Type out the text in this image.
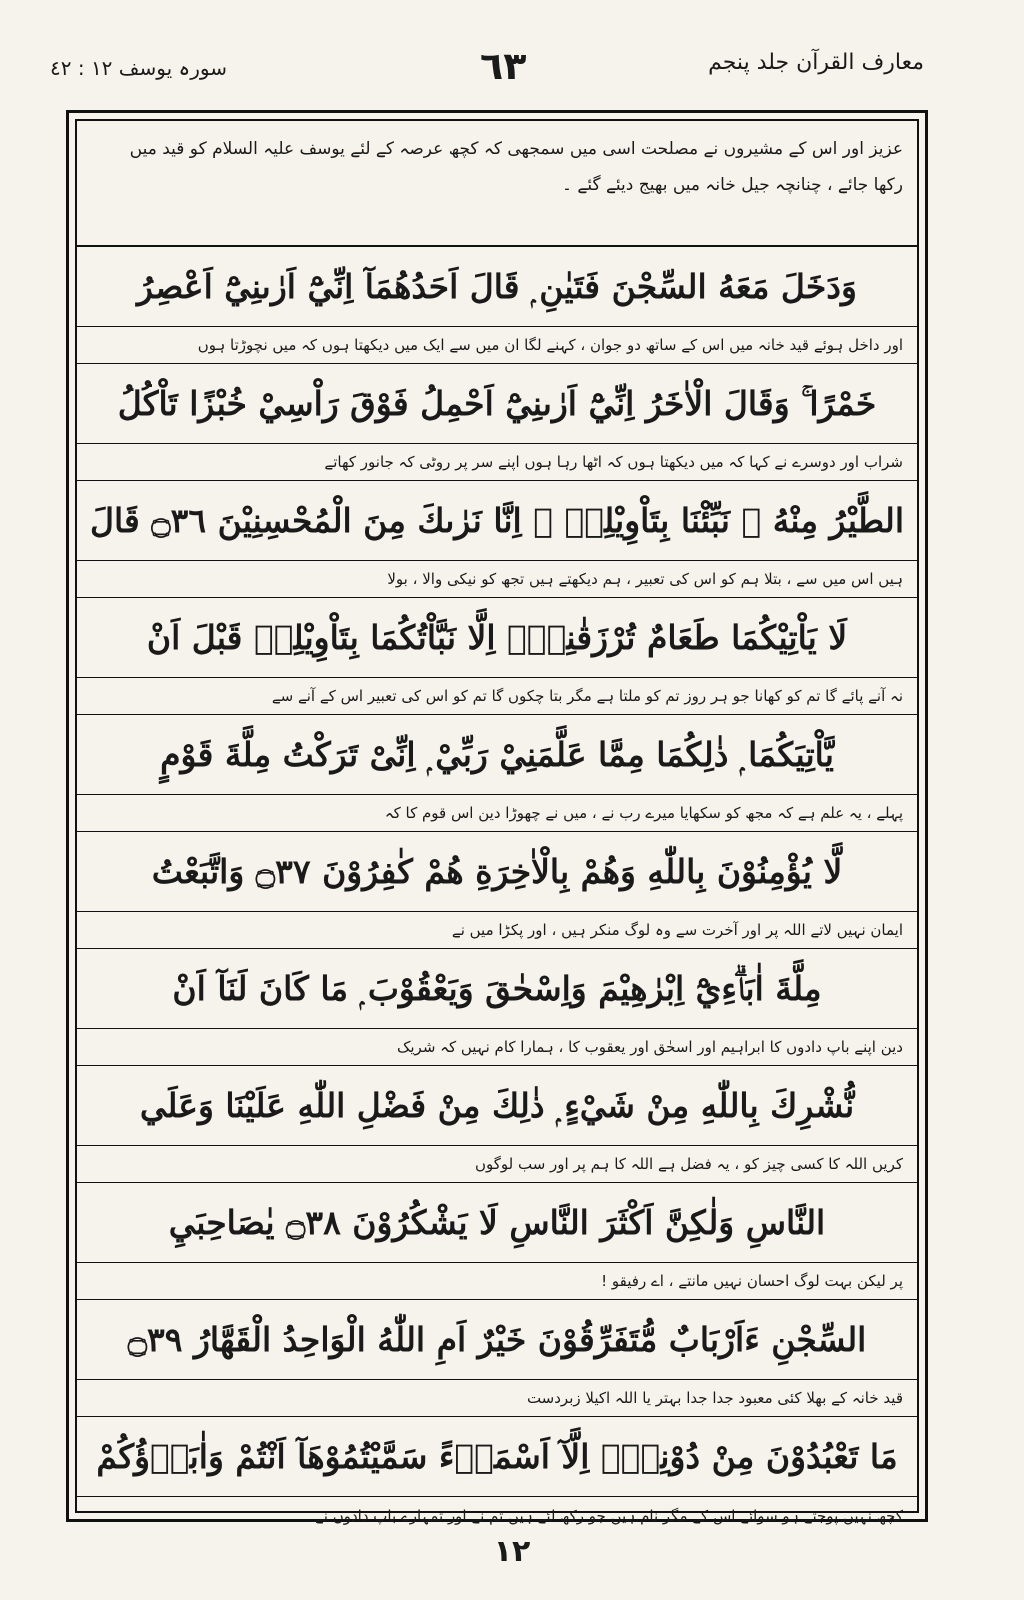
معارف القرآن جلد پنجم
٦٣
سورہ یوسف ١٢ : ٤٢
عزیز اور اس کے مشیروں نے مصلحت اسی میں سمجھی کہ کچھ عرصہ کے لئے یوسف علیہ السلام کو قید میں
رکھا جائے ، چنانچہ جیل خانہ میں بھیج دیئے گئے ۔
وَدَخَلَ مَعَهُ السِّجْنَ فَتَيٰنِ ۭ قَالَ اَحَدُهُمَآ اِنِّيْٓ اَرٰىنِيْٓ اَعْصِرُ
اور داخل ہوئے قید خانہ میں اس کے ساتھ دو جوان ، کہنے لگا ان میں سے ایک میں دیکھتا ہوں کہ میں نچوڑتا ہوں
خَمْرًا ۚ وَقَالَ الْاٰخَرُ اِنِّيْٓ اَرٰىنِيْٓ اَحْمِلُ فَوْقَ رَاْسِيْ خُبْزًا تَاْكُلُ
شراب اور دوسرے نے کہا کہ میں دیکھتا ہوں کہ اٹھا رہا ہوں اپنے سر پر روٹی کہ جانور کھاتے
الطَّيْرُ مِنْهُ ۭ نَبِّئْنَا بِتَاْوِيْلِهٖ ۚ اِنَّا نَرٰىكَ مِنَ الْمُحْسِنِيْنَ ۝٣٦ قَالَ
ہیں اس میں سے ، بتلا ہم کو اس کی تعبیر ، ہم دیکھتے ہیں تجھ کو نیکی والا ، بولا
لَا يَاْتِيْكُمَا طَعَامٌ تُرْزَقٰنِهٖٓ اِلَّا نَبَّاْتُكُمَا بِتَاْوِيْلِهٖ قَبْلَ اَنْ
نہ آنے پائے گا تم کو کھانا جو ہر روز تم کو ملتا ہے مگر بتا چکوں گا تم کو اس کی تعبیر اس کے آنے سے
يَّاْتِيَكُمَا ۭ ذٰلِكُمَا مِمَّا عَلَّمَنِيْ رَبِّيْ ۭ اِنِّىْ تَرَكْتُ مِلَّةَ قَوْمٍ
پہلے ، یہ علم ہے کہ مجھ کو سکھایا میرے رب نے ، میں نے چھوڑا دین اس قوم کا کہ
لَّا يُؤْمِنُوْنَ بِاللّٰهِ وَهُمْ بِالْاٰخِرَةِ هُمْ كٰفِرُوْنَ ۝٣٧ وَاتَّبَعْتُ
ایمان نہیں لاتے اللہ پر اور آخرت سے وہ لوگ منکر ہیں ، اور پکڑا میں نے
مِلَّةَ اٰبَاۗءِيْٓ اِبْرٰهِيْمَ وَاِسْحٰقَ وَيَعْقُوْبَ ۭ مَا كَانَ لَنَآ اَنْ
دین اپنے باپ دادوں کا ابراہیم اور اسحٰق اور یعقوب کا ، ہمارا کام نہیں کہ شریک
نُّشْرِكَ بِاللّٰهِ مِنْ شَيْءٍ ۭ ذٰلِكَ مِنْ فَضْلِ اللّٰهِ عَلَيْنَا وَعَلَي
کریں اللہ کا کسی چیز کو ، یہ فضل ہے اللہ کا ہم پر اور سب لوگوں
النَّاسِ وَلٰكِنَّ اَكْثَرَ النَّاسِ لَا يَشْكُرُوْنَ ۝٣٨ يٰصَاحِبَيِ
پر لیکن بہت لوگ احسان نہیں مانتے ، اے رفیقو !
السِّجْنِ ءَاَرْبَابٌ مُّتَفَرِّقُوْنَ خَيْرٌ اَمِ اللّٰهُ الْوَاحِدُ الْقَهَّارُ ۝٣٩
قید خانہ کے بھلا کئی معبود جدا جدا بہتر یا اللہ اکیلا زبردست
مَا تَعْبُدُوْنَ مِنْ دُوْنِهٖٓ اِلَّآ اَسْمَاۗءً سَمَّيْتُمُوْهَآ اَنْتُمْ وَاٰبَاۗؤُكُمْ
کچھ نہیں پوجتے ہو سوائے اس کے مگر نام ہیں جو رکھ لئے ہیں تم نے اور تمہارے باپ دادوں نے
١٢
